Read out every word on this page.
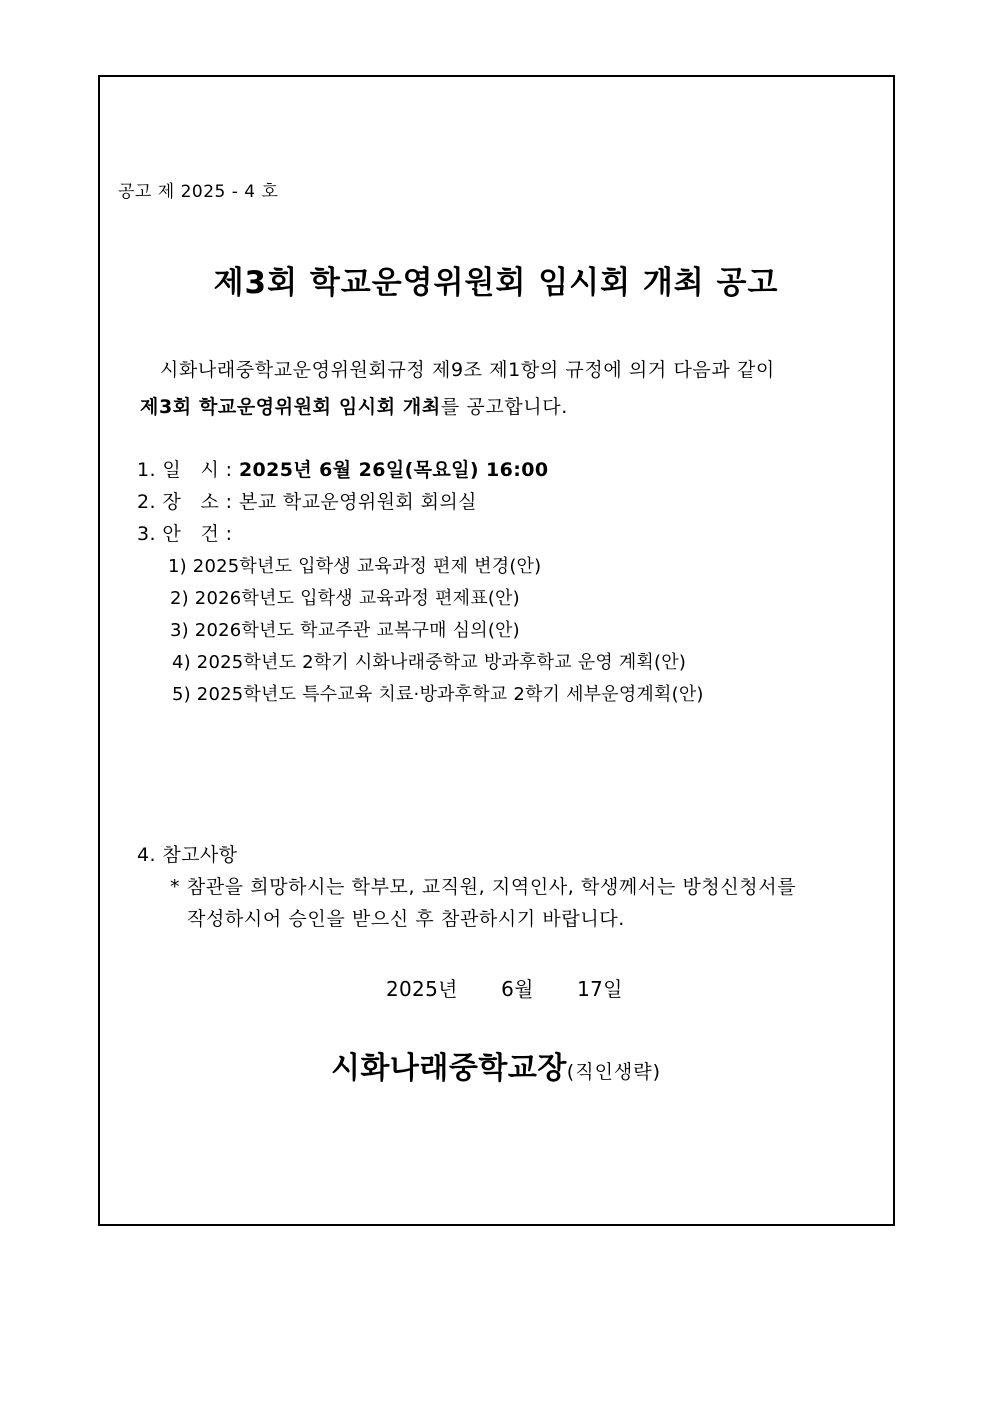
공고 제 2025 - 4 호
제3회 학교운영위원회 임시회 개최 공고
시화나래중학교운영위원회규정 제9조 제1항의 규정에 의거 다음과 같이
제3회 학교운영위원회 임시회 개최를 공고합니다.
1. 일   시 : 2025년 6월 26일(목요일) 16:00
2. 장   소 : 본교 학교운영위원회 회의실
3. 안   건 :
1) 2025학년도 입학생 교육과정 편제 변경(안)
2) 2026학년도 입학생 교육과정 편제표(안)
3) 2026학년도 학교주관 교복구매 심의(안)
4) 2025학년도 2학기 시화나래중학교 방과후학교 운영 계획(안)
5) 2025학년도 특수교육 치료·방과후학교 2학기 세부운영계획(안)
4. 참고사항
* 참관을 희망하시는 학부모, 교직원, 지역인사, 학생께서는 방청신청서를
작성하시어 승인을 받으신 후 참관하시기 바랍니다.
2025년 6월 17일
시화나래중학교장(직인생략)
